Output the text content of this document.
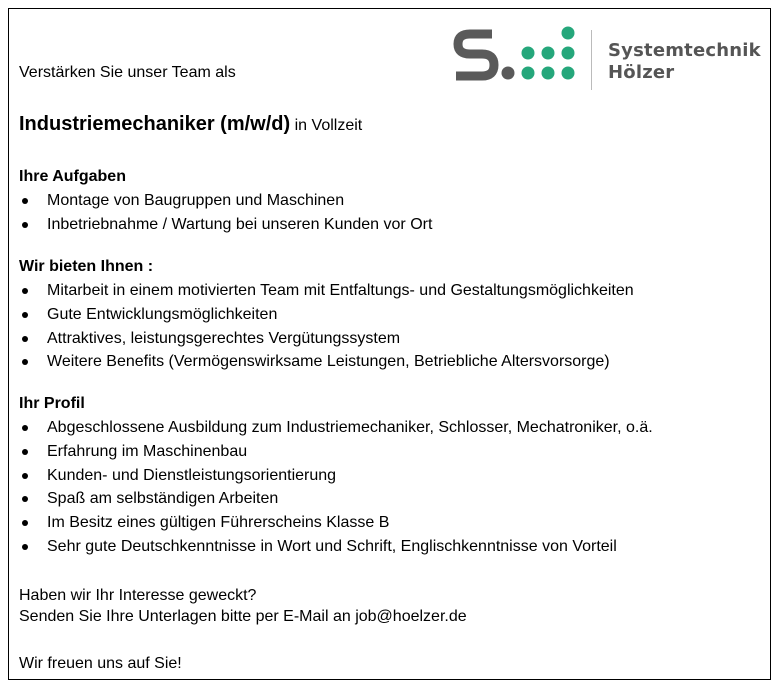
Systemtechnik
Hölzer
Verstärken Sie unser Team als
Industriemechaniker (m/w/d) in Vollzeit
Ihre Aufgaben
Montage von Baugruppen und Maschinen
Inbetriebnahme / Wartung bei unseren Kunden vor Ort
Wir bieten Ihnen :
Mitarbeit in einem motivierten Team mit Entfaltungs- und Gestaltungsmöglichkeiten
Gute Entwicklungsmöglichkeiten
Attraktives, leistungsgerechtes Vergütungssystem
Weitere Benefits (Vermögenswirksame Leistungen, Betriebliche Altersvorsorge)
Ihr Profil
Abgeschlossene Ausbildung zum Industriemechaniker, Schlosser, Mechatroniker, o.ä.
Erfahrung im Maschinenbau
Kunden- und Dienstleistungsorientierung
Spaß am selbständigen Arbeiten
Im Besitz eines gültigen Führerscheins Klasse B
Sehr gute Deutschkenntnisse in Wort und Schrift, Englischkenntnisse von Vorteil
Haben wir Ihr Interesse geweckt?
Senden Sie Ihre Unterlagen bitte per E-Mail an job@hoelzer.de
Wir freuen uns auf Sie!
